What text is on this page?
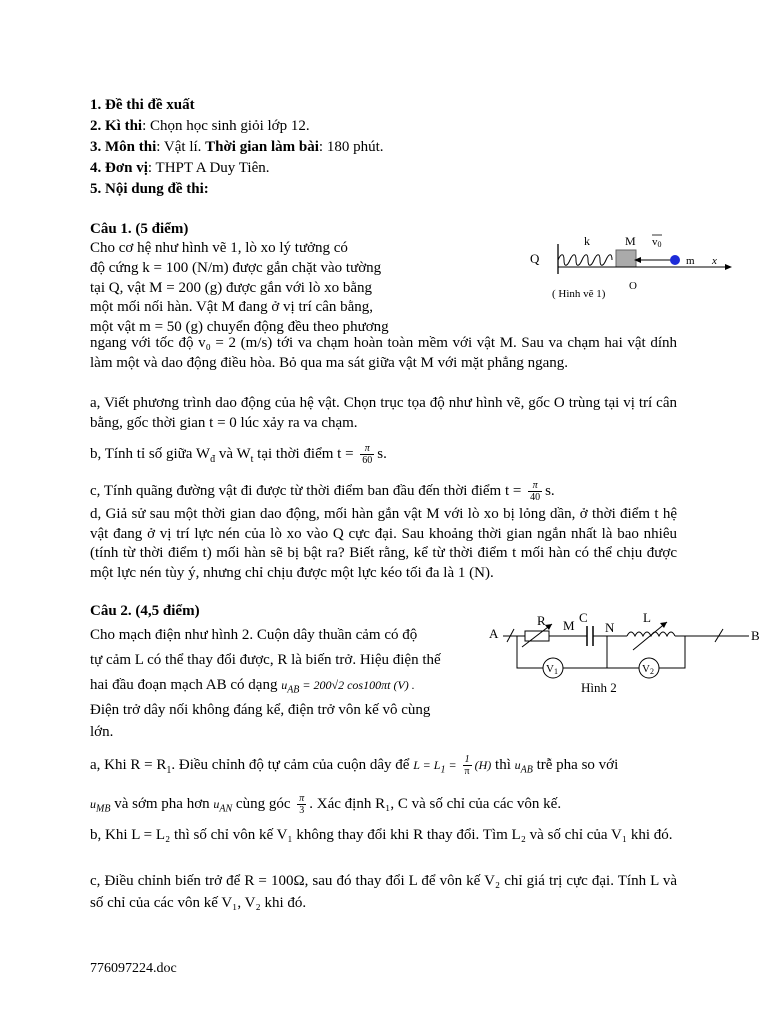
1. Đề thi đề xuất
2. Kì thi: Chọn học sinh giỏi lớp 12.
3. Môn thi: Vật lí. Thời gian làm bài: 180 phút.
4. Đơn vị: THPT A Duy Tiên.
5. Nội dung đề thi:
Câu 1. (5 điểm)
Cho cơ hệ như hình vẽ 1, lò xo lý tưởng có
độ cứng k = 100 (N/m) được gắn chặt vào tường
tại Q, vật M = 200 (g) được gắn với lò xo bằng
một mối nối hàn. Vật M đang ở vị trí cân bằng,
một vật m = 50 (g) chuyển động đều theo phương
ngang với tốc độ v₀ = 2 (m/s) tới va chạm hoàn toàn mềm với vật M. Sau va chạm hai vật dính làm một và dao động điều hòa. Bỏ qua ma sát giữa vật M với mặt phẳng ngang.
a, Viết phương trình dao động của hệ vật. Chọn trục tọa độ như hình vẽ, gốc O trùng tại vị trí cân bằng, gốc thời gian t = 0 lúc xảy ra va chạm.
b, Tính tỉ số giữa $W_đ$ và $W_t$ tại thời điểm $t = \frac{\pi}{60} s$.
c, Tính quãng đường vật đi được từ thời điểm ban đầu đến thời điểm $t = \frac{\pi}{40} s$.
d, Giả sử sau một thời gian dao động, mối hàn gắn vật M với lò xo bị lỏng dần, ở thời điểm t hệ vật đang ở vị trí lực nén của lò xo vào Q cực đại. Sau khoảng thời gian ngắn nhất là bao nhiêu (tính từ thời điểm t) mối hàn sẽ bị bật ra? Biết rằng, kể từ thời điểm t mối hàn có thể chịu được một lực nén tùy ý, nhưng chỉ chịu được một lực kéo tối đa là 1 (N).
Q
k	M
x
v0
m
O
( Hình vẽ 1)
Câu 2. (4,5 điểm)
Cho mạch điện như hình 2. Cuộn dây thuần cảm có độ
tự cảm L có thể thay đổi được, R là biến trở. Hiệu điện thế
hai đầu đoạn mạch AB có dạng $u_{AB} = 200√2$ cos100πt (V) .
Điện trở dây nối không đáng kể, điện trở vôn kế vô cùng
lớn.
A	B
R M
C
N
L
V1	V2
Hình 2
a, Khi $R = R_1$. Điều chỉnh độ tự cảm của cuộn dây để $L = L_1 = \frac{1}{\pi} (H)$ thì $u_{AB}$ trễ pha so với
$u_{MB}$ và sớm pha hơn $u_{AN}$ cùng góc $\frac{\pi}{3}$ . Xác định R₁, C và số chỉ của các vôn kế.
b, Khi L = L₂ thì số chỉ vôn kế V₁ không thay đổi khi R thay đổi. Tìm L₂ và số chỉ của V₁ khi đó.
c, Điều chỉnh biến trở để R = 100Ω, sau đó thay đổi L để vôn kế V₂ chỉ giá trị cực đại. Tính L và số chỉ của các vôn kế V₁, V₂ khi đó.
776097224.doc
